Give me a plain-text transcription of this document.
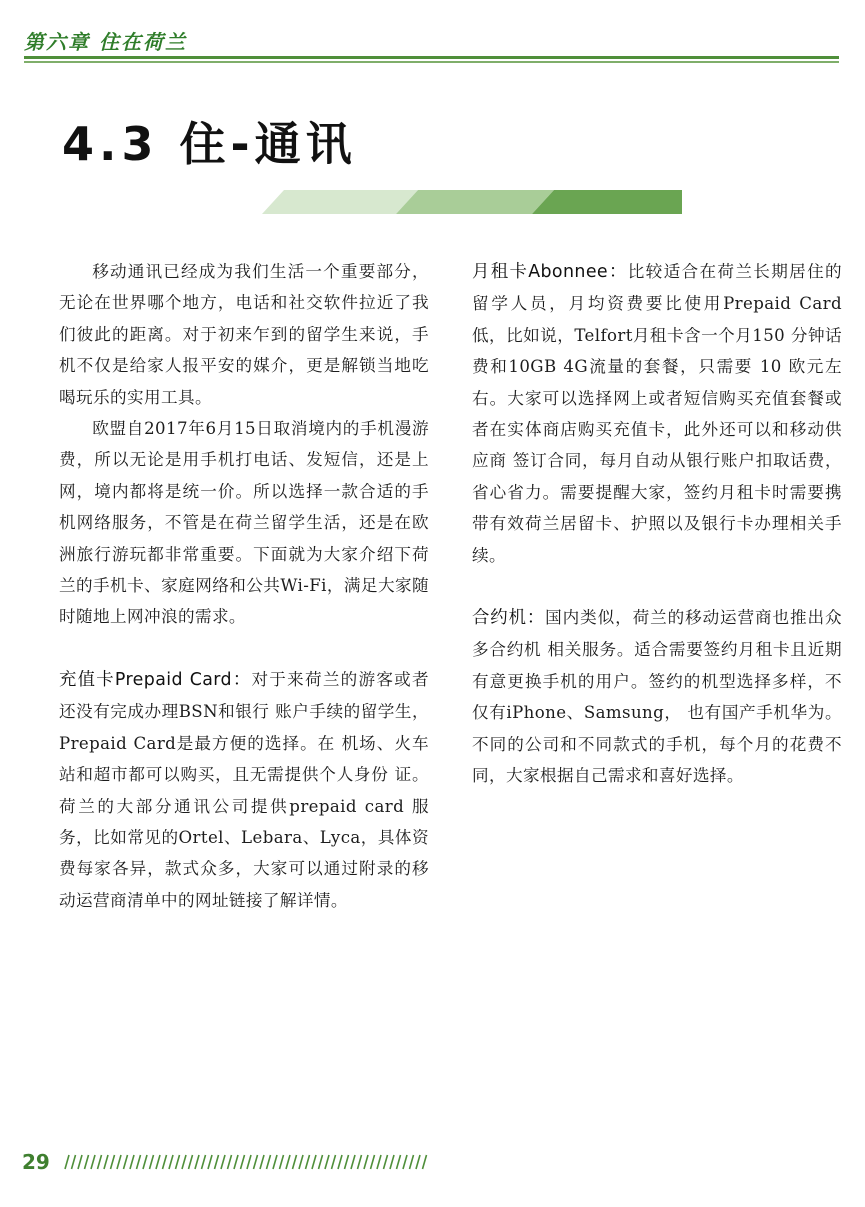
第六章 住在荷兰
4.3 住-通讯

移动通讯已经成为我们生活一个重要部分，无论在世界哪个地方，电话和社交软件拉近了我们彼此的距离。对于初来乍到的留学生来说，手机不仅是给家人报平安的媒介，更是解锁当地吃喝玩乐的实用工具。

欧盟自2017年6月15日取消境内的手机漫游费，所以无论是用手机打电话、发短信，还是上网，境内都将是统一价。所以选择一款合适的手机网络服务，不管是在荷兰留学生活，还是在欧洲旅行游玩都非常重要。下面就为大家介绍下荷兰的手机卡、家庭网络和公共Wi-Fi，满足大家随时随地上网冲浪的需求。

充值卡Prepaid Card：对于来荷兰的游客或者还没有完成办理BSN和银行 账户手续的留学生，Prepaid Card是最方便的选择。在 机场、火车站和超市都可以购买，且无需提供个人身份 证。荷兰的大部分通讯公司提供prepaid card 服务，比如常见的Ortel、Lebara、Lyca，具体资费每家各异，款式众多，大家可以通过附录的移动运营商清单中的网址链接了解详情。

月租卡Abonnee：比较适合在荷兰长期居住的留学人员，月均资费要比使用Prepaid Card低，比如说，Telfort月租卡含一个月150 分钟话费和10GB 4G流量的套餐，只需要 10 欧元左右。大家可以选择网上或者短信购买充值套餐或者在实体商店购买充值卡，此外还可以和移动供应商 签订合同，每月自动从银行账户扣取话费，省心省力。需要提醒大家，签约月租卡时需要携带有效荷兰居留卡、护照以及银行卡办理相关手续。

合约机：国内类似，荷兰的移动运营商也推出众多合约机 相关服务。适合需要签约月租卡且近期有意更换手机的用户。签约的机型选择多样，不仅有iPhone、Samsung， 也有国产手机华为。不同的公司和不同款式的手机，每个月的花费不同，大家根据自己需求和喜好选择。

29
